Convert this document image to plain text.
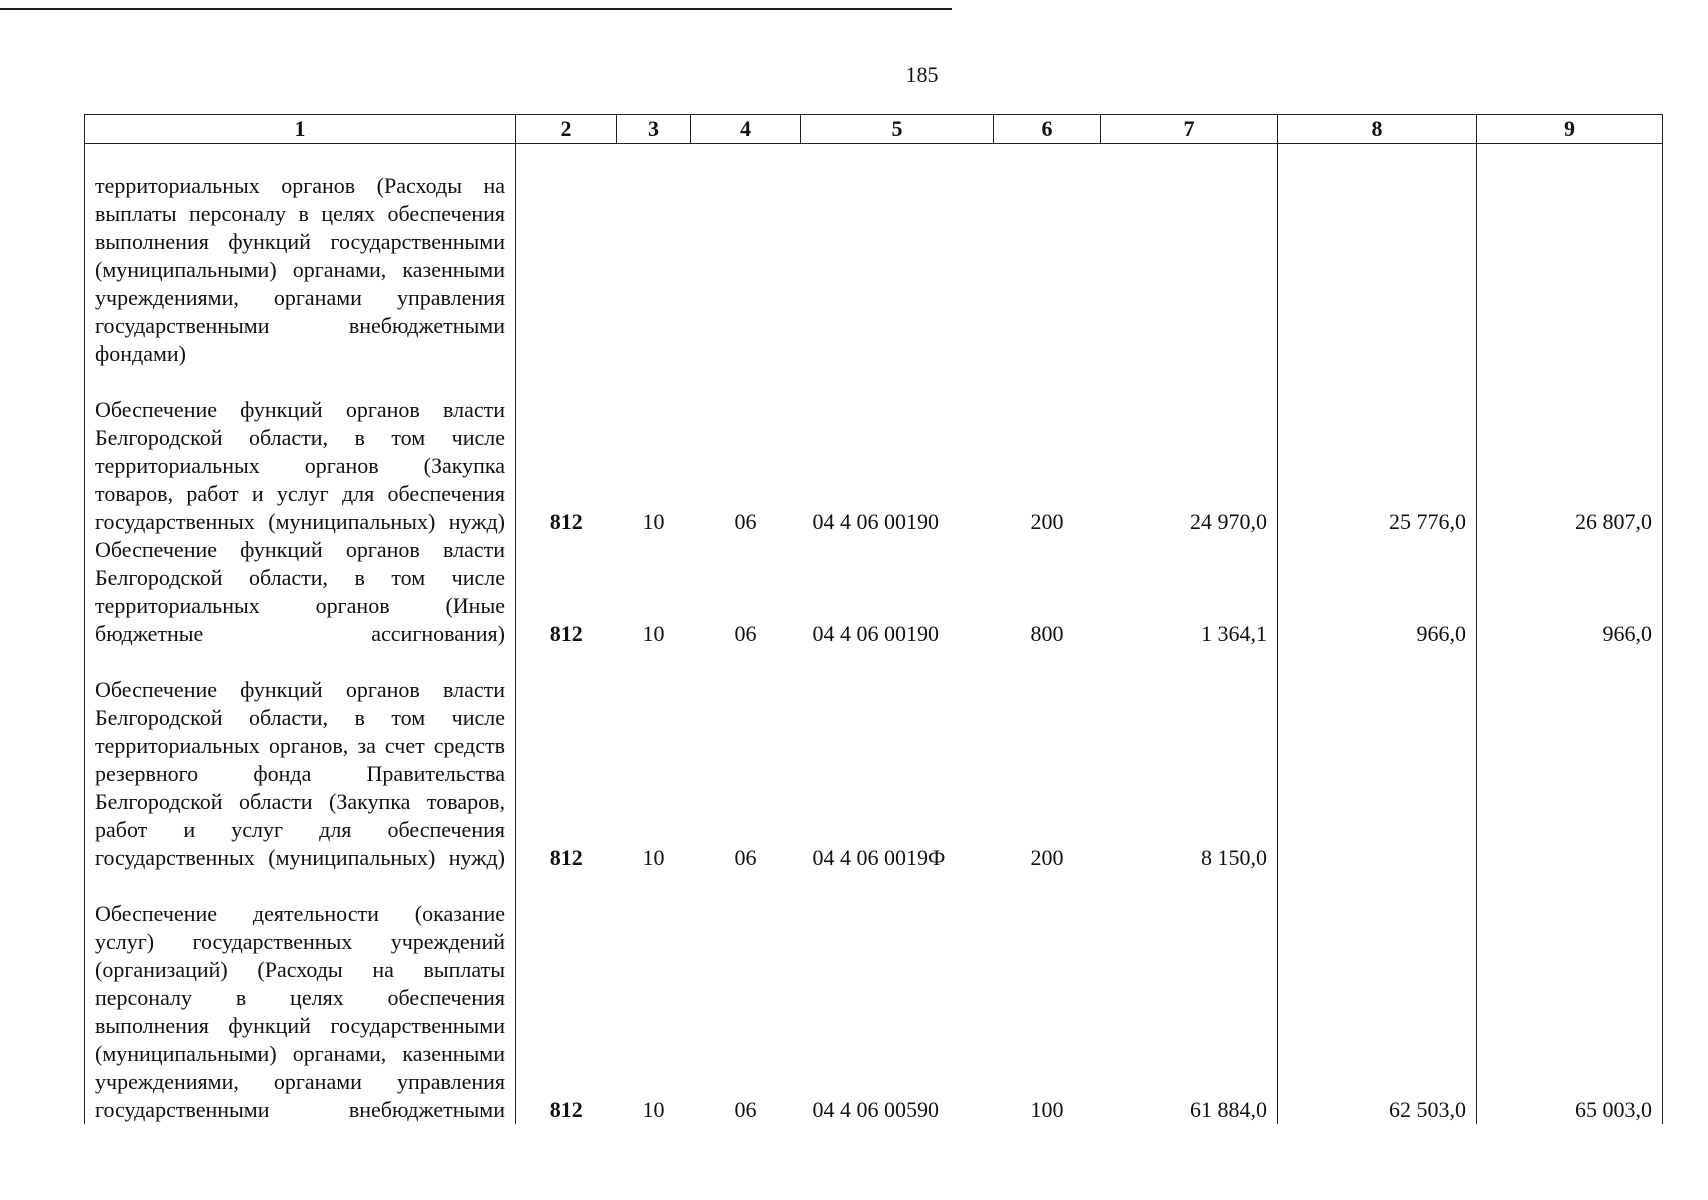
185
1	2	3	4	5	6	7	8	9

территориальных органов (Расходы на выплаты персоналу в целях обеспечения выполнения функций государственными (муниципальными) органами, казенными учреждениями, органами управления государственными внебюджетными фондами)								

Обеспечение функций органов власти Белгородской области, в том числе территориальных органов (Закупка товаров, работ и услуг для обеспечения государственных (муниципальных) нужд)	812	10	06	04 4 06 00190	200	24 970,0	25 776,0	26 807,0

Обеспечение функций органов власти Белгородской области, в том числе территориальных органов (Иные бюджетные ассигнования)	812	10	06	04 4 06 00190	800	1 364,1	966,0	966,0

Обеспечение функций органов власти Белгородской области, в том числе территориальных органов, за счет средств резервного фонда Правительства Белгородской области (Закупка товаров, работ и услуг для обеспечения государственных (муниципальных) нужд)	812	10	06	04 4 06 0019Ф	200	8 150,0		

Обеспечение деятельности (оказание услуг) государственных учреждений (организаций) (Расходы на выплаты персоналу в целях обеспечения выполнения функций государственными (муниципальными) органами, казенными учреждениями, органами управления государственными внебюджетными	812	10	06	04 4 06 00590	100	61 884,0	62 503,0	65 003,0
